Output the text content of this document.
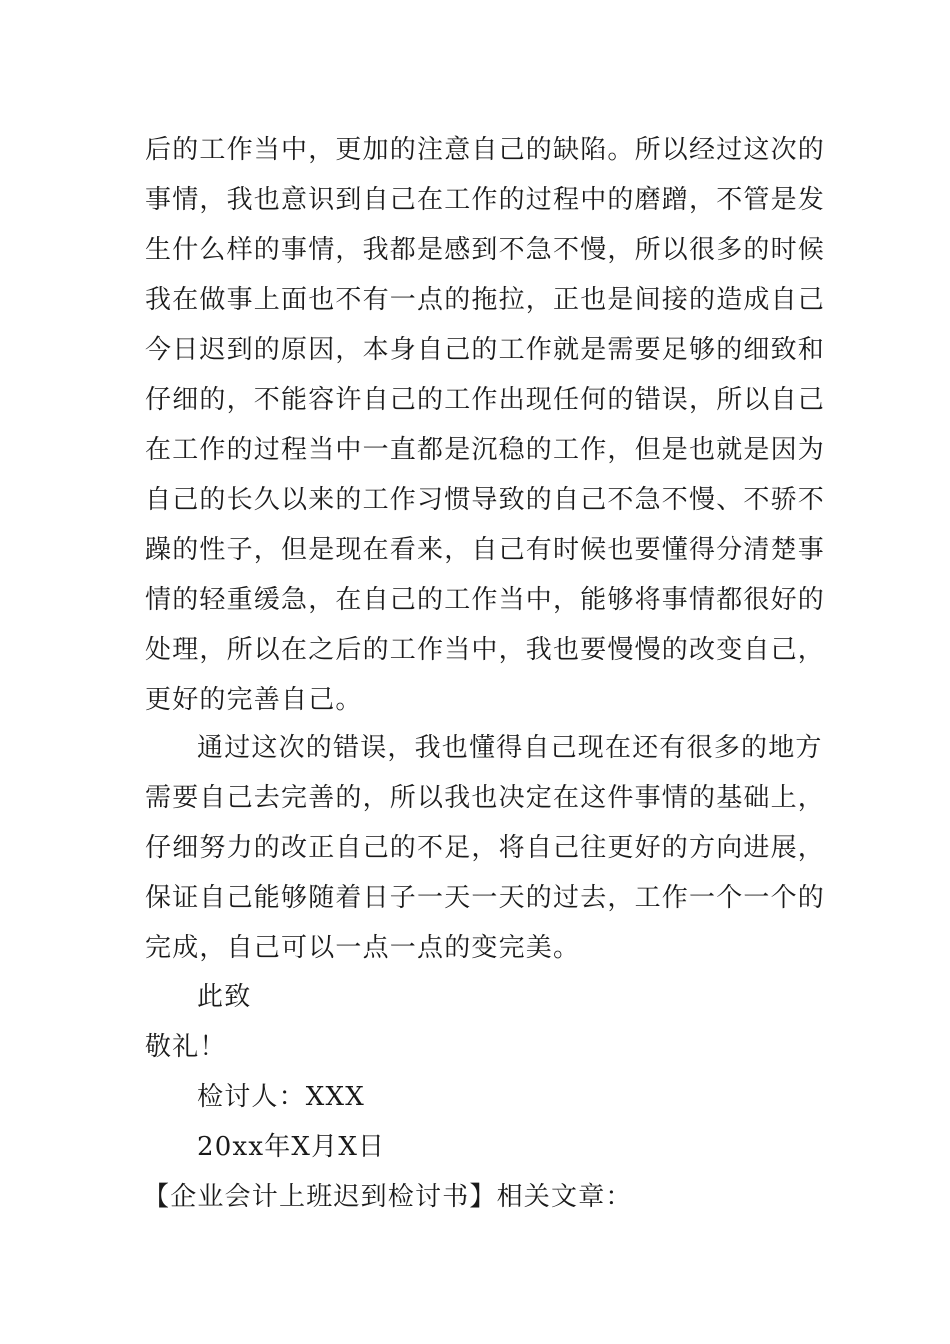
后的工作当中，更加的注意自己的缺陷。所以经过这次的
事情，我也意识到自己在工作的过程中的磨蹭，不管是发
生什么样的事情，我都是感到不急不慢，所以很多的时候
我在做事上面也不有一点的拖拉，正也是间接的造成自己
今日迟到的原因，本身自己的工作就是需要足够的细致和
仔细的，不能容许自己的工作出现任何的错误，所以自己
在工作的过程当中一直都是沉稳的工作，但是也就是因为
自己的长久以来的工作习惯导致的自己不急不慢、不骄不
躁的性子，但是现在看来，自己有时候也要懂得分清楚事
情的轻重缓急，在自己的工作当中，能够将事情都很好的
处理，所以在之后的工作当中，我也要慢慢的改变自己，
更好的完善自己。
通过这次的错误，我也懂得自己现在还有很多的地方
需要自己去完善的，所以我也决定在这件事情的基础上，
仔细努力的改正自己的不足，将自己往更好的方向进展，
保证自己能够随着日子一天一天的过去，工作一个一个的
完成，自己可以一点一点的变完美。
此致
敬礼！
检讨人：XXX
20xx年X月X日
【企业会计上班迟到检讨书】相关文章：
